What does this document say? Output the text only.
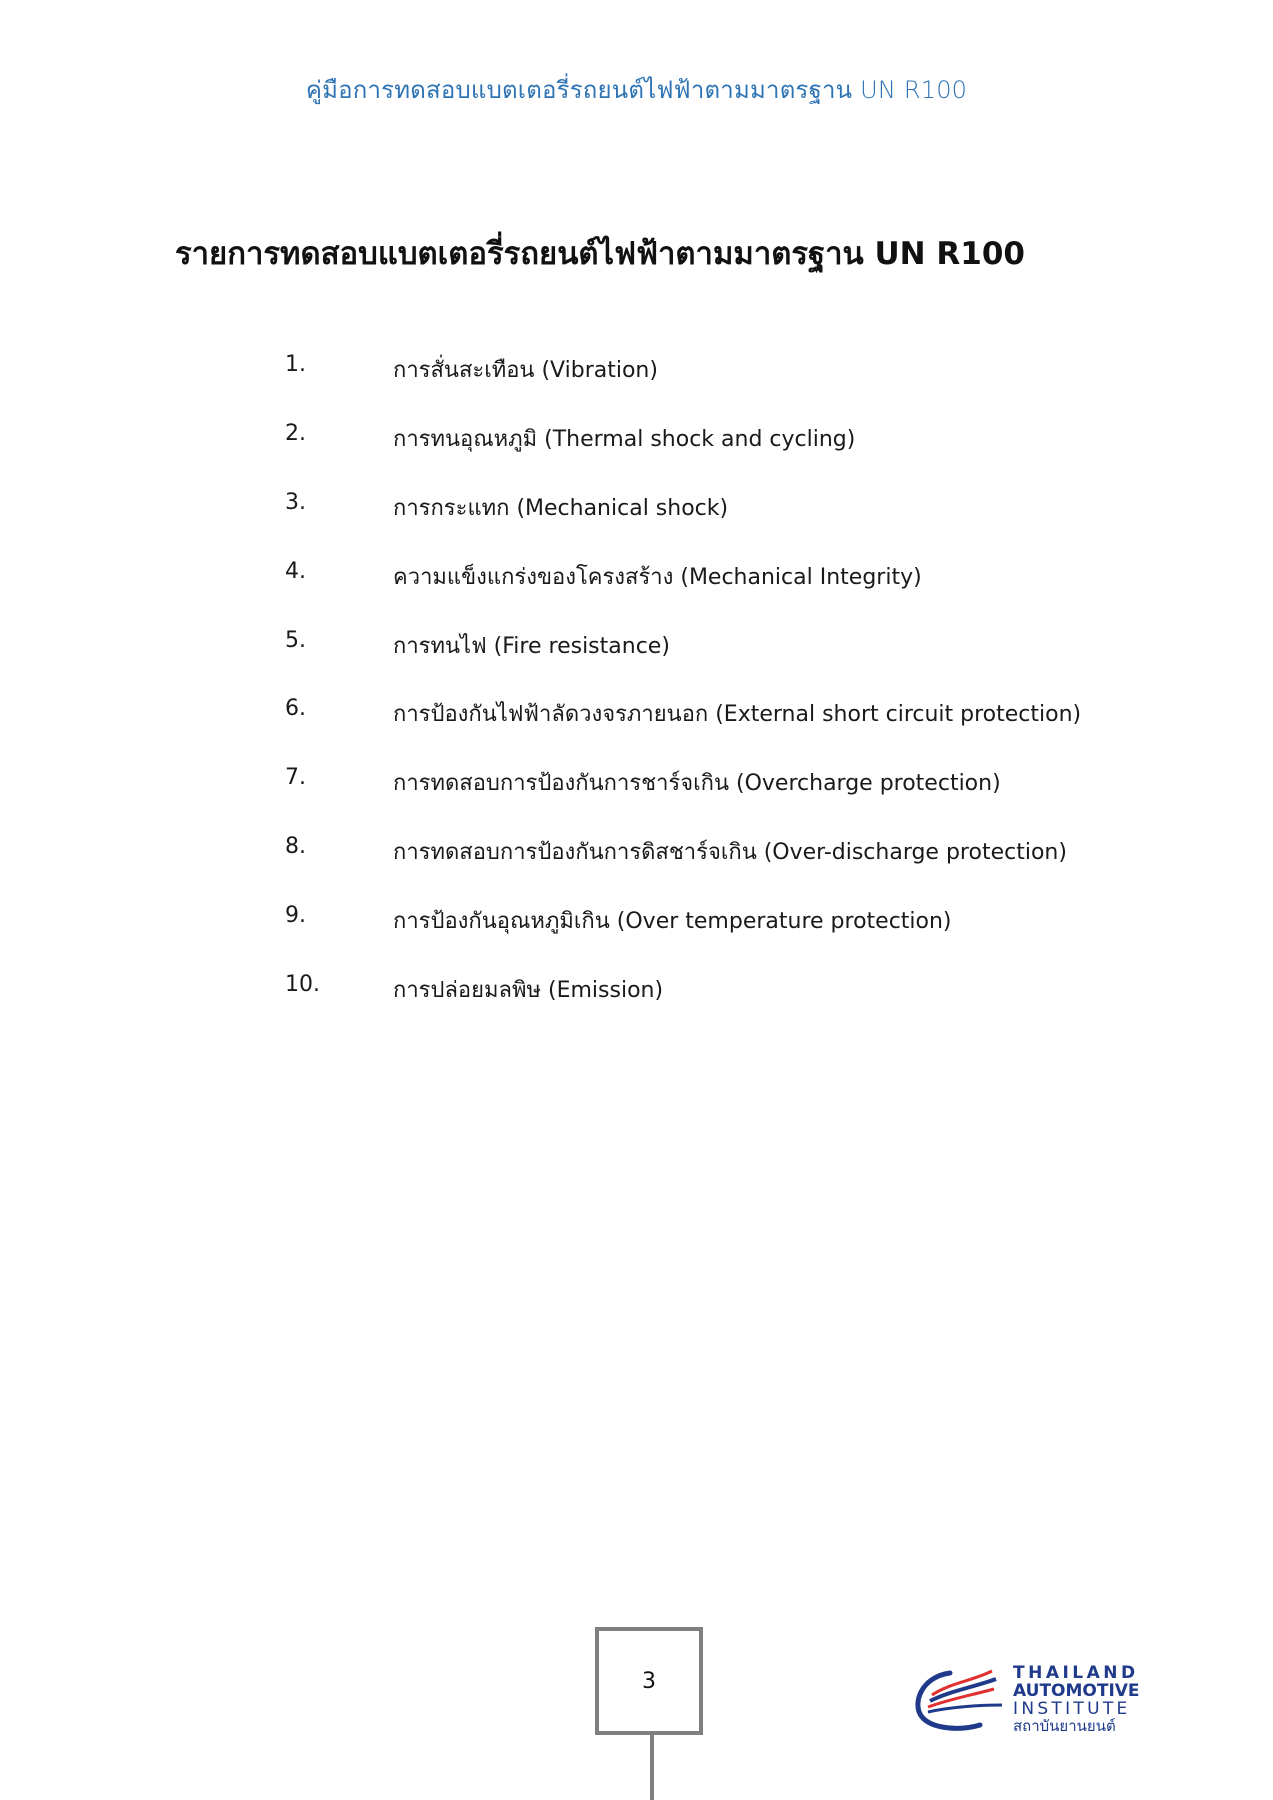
คู่มือการทดสอบแบตเตอรี่รถยนต์ไฟฟ้าตามมาตรฐาน UN R100
รายการทดสอบแบตเตอรี่รถยนต์ไฟฟ้าตามมาตรฐาน UN R100
1.	การสั่นสะเทือน (Vibration)
2.	การทนอุณหภูมิ (Thermal shock and cycling)
3.	การกระแทก (Mechanical shock)
4.	ความแข็งแกร่งของโครงสร้าง (Mechanical Integrity)
5.	การทนไฟ (Fire resistance)
6.	การป้องกันไฟฟ้าลัดวงจรภายนอก (External short circuit protection)
7.	การทดสอบการป้องกันการชาร์จเกิน (Overcharge protection)
8.	การทดสอบการป้องกันการดิสชาร์จเกิน (Over-discharge protection)
9.	การป้องกันอุณหภูมิเกิน (Over temperature protection)
10.	การปล่อยมลพิษ (Emission)
3	THAILAND
AUTOMOTIVE
INSTITUTE
สถาบันยานยนต์
